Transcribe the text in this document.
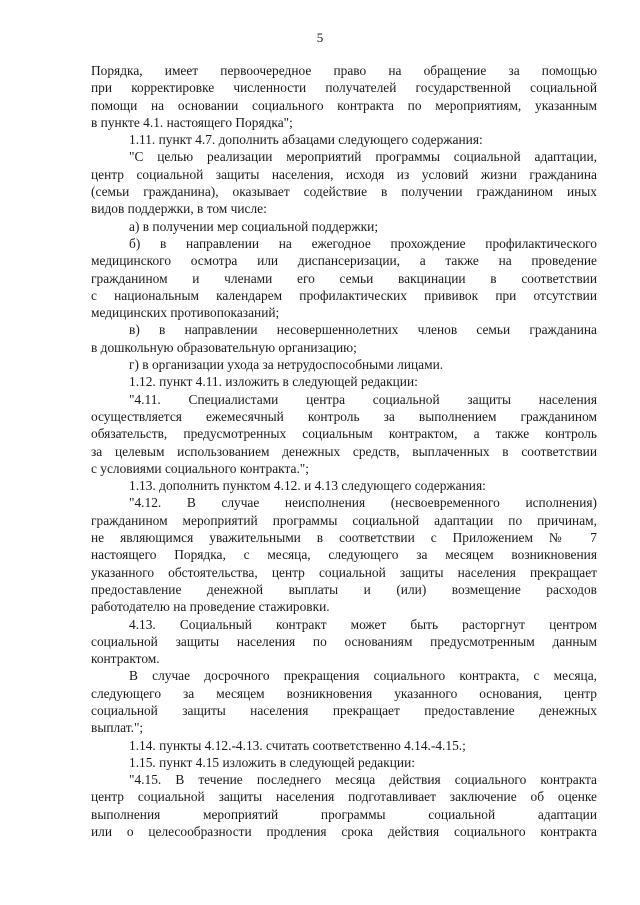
5
Порядка, имеет первоочередное право на обращение за помощью
при корректировке численности получателей государственной социальной
помощи на основании социального контракта по мероприятиям, указанным
в пункте 4.1. настоящего Порядка";
1.11. пункт 4.7. дополнить абзацами следующего содержания:
"С целью реализации мероприятий программы социальной адаптации,
центр социальной защиты населения, исходя из условий жизни гражданина
(семьи гражданина), оказывает содействие в получении гражданином иных
видов поддержки, в том числе:
а) в получении мер социальной поддержки;
б) в направлении на ежегодное прохождение профилактического
медицинского осмотра или диспансеризации, а также на проведение
гражданином и членами его семьи вакцинации в соответствии
с национальным календарем профилактических прививок при отсутствии
медицинских противопоказаний;
в) в направлении несовершеннолетних членов семьи гражданина
в дошкольную образовательную организацию;
г) в организации ухода за нетрудоспособными лицами.
1.12. пункт 4.11. изложить в следующей редакции:
"4.11. Специалистами центра социальной защиты населения
осуществляется ежемесячный контроль за выполнением гражданином
обязательств, предусмотренных социальным контрактом, а также контроль
за целевым использованием денежных средств, выплаченных в соответствии
с условиями социального контракта.";
1.13. дополнить пунктом 4.12. и 4.13 следующего содержания:
"4.12. В случае неисполнения (несвоевременного исполнения)
гражданином мероприятий программы социальной адаптации по причинам,
не являющимся уважительными в соответствии с Приложением № 7
настоящего Порядка, с месяца, следующего за месяцем возникновения
указанного обстоятельства, центр социальной защиты населения прекращает
предоставление денежной выплаты и (или) возмещение расходов
работодателю на проведение стажировки.
4.13. Социальный контракт может быть расторгнут центром
социальной защиты населения по основаниям предусмотренным данным
контрактом.
В случае досрочного прекращения социального контракта, с месяца,
следующего за месяцем возникновения указанного основания, центр
социальной защиты населения прекращает предоставление денежных
выплат.";
1.14. пункты 4.12.-4.13. считать соответственно 4.14.-4.15.;
1.15. пункт 4.15 изложить в следующей редакции:
"4.15. В течение последнего месяца действия социального контракта
центр социальной защиты населения подготавливает заключение об оценке
выполнения мероприятий программы социальной адаптации
или о целесообразности продления срока действия социального контракта
